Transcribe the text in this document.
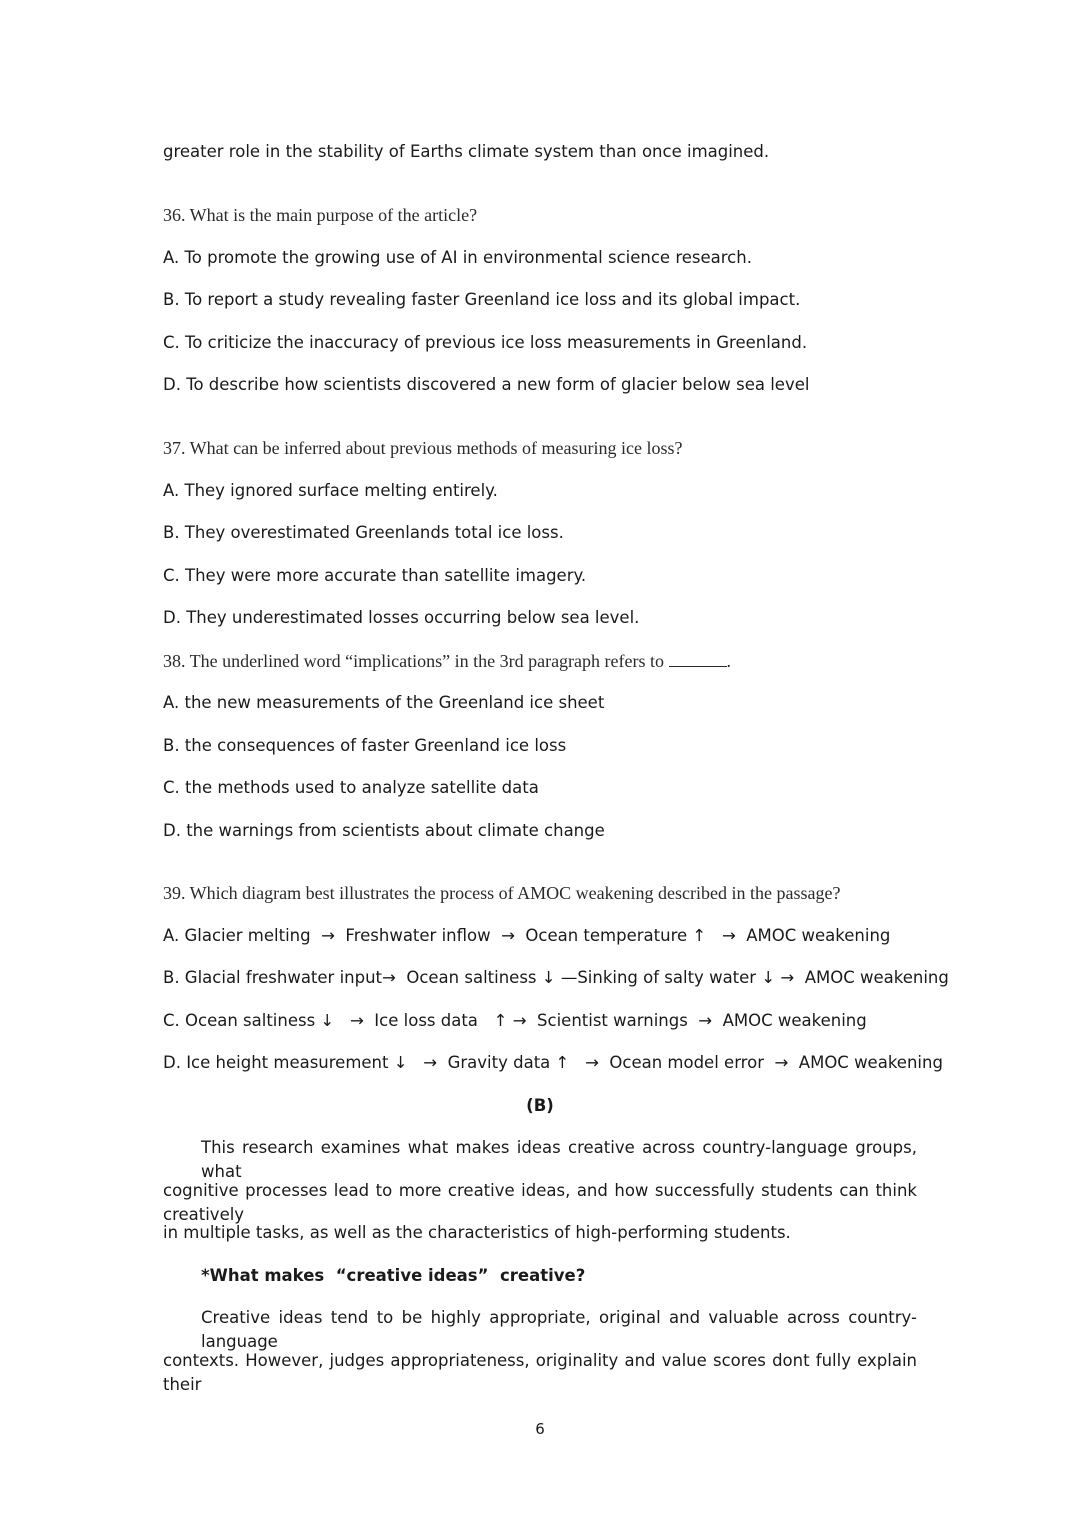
greater role in the stability of Earths climate system than once imagined.
36. What is the main purpose of the article?
A. To promote the growing use of AI in environmental science research.
B. To report a study revealing faster Greenland ice loss and its global impact.
C. To criticize the inaccuracy of previous ice loss measurements in Greenland.
D. To describe how scientists discovered a new form of glacier below sea level
37. What can be inferred about previous methods of measuring ice loss?
A. They ignored surface melting entirely.
B. They overestimated Greenlands total ice loss.
C. They were more accurate than satellite imagery.
D. They underestimated losses occurring below sea level.
38. The underlined word “implications” in the 3rd paragraph refers to	.
A. the new measurements of the Greenland ice sheet
B. the consequences of faster Greenland ice loss
C. the methods used to analyze satellite data
D. the warnings from scientists about climate change
39. Which diagram best illustrates the process of AMOC weakening described in the passage?
A. Glacier melting  →  Freshwater inflow  →  Ocean temperature ↑   →  AMOC weakening
B. Glacial freshwater input→  Ocean saltiness ↓ —Sinking of salty water ↓ →  AMOC weakening
C. Ocean saltiness ↓   →  Ice loss data   ↑ →  Scientist warnings  →  AMOC weakening
D. Ice height measurement ↓   →  Gravity data ↑   →  Ocean model error  →  AMOC weakening
(B)
This research examines what makes ideas creative across country-language groups, what
cognitive processes lead to more creative ideas, and how successfully students can think creatively
in multiple tasks, as well as the characteristics of high-performing students.
*What makes  “creative ideas”  creative?
Creative ideas tend to be highly appropriate, original and valuable across country-language
contexts. However, judges appropriateness, originality and value scores dont fully explain their
6
